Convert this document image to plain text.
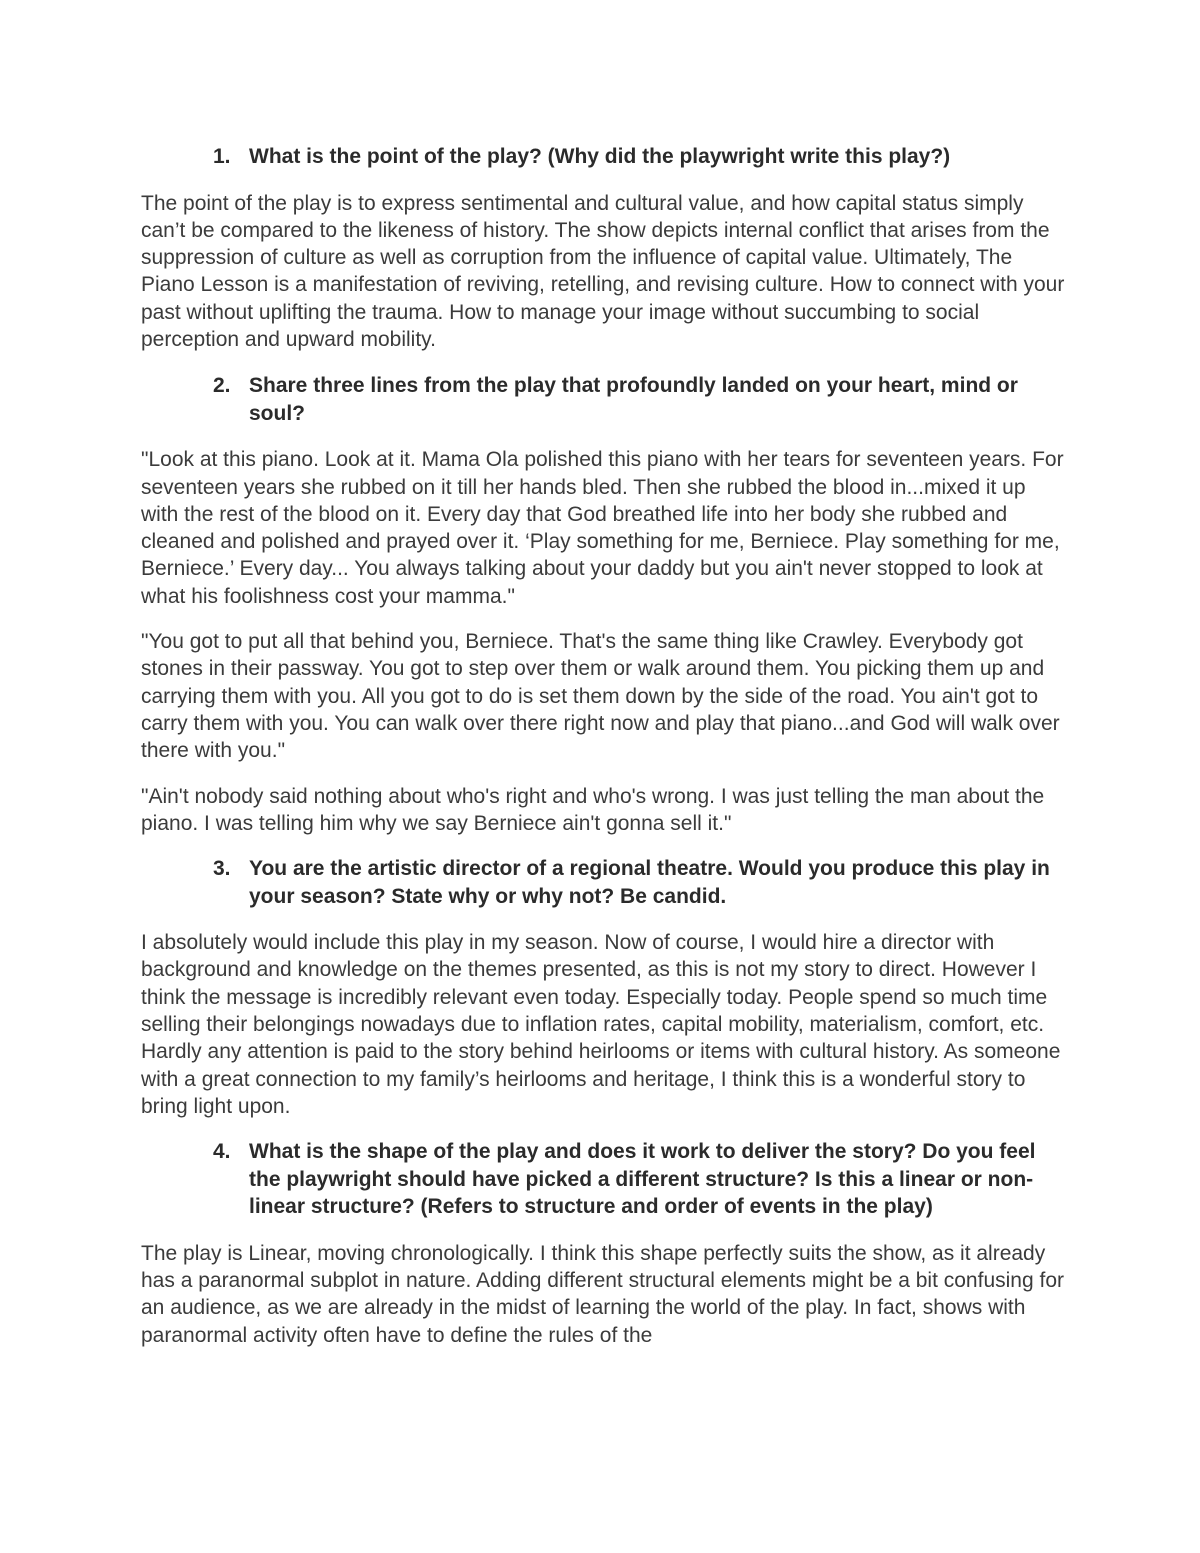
1. What is the point of the play? (Why did the playwright write this play?)

The point of the play is to express sentimental and cultural value, and how capital status simply can’t be compared to the likeness of history. The show depicts internal conflict that arises from the suppression of culture as well as corruption from the influence of capital value. Ultimately, The Piano Lesson is a manifestation of reviving, retelling, and revising culture. How to connect with your past without uplifting the trauma. How to manage your image without succumbing to social perception and upward mobility.

2. Share three lines from the play that profoundly landed on your heart, mind or soul?

"Look at this piano. Look at it. Mama Ola polished this piano with her tears for seventeen years. For seventeen years she rubbed on it till her hands bled. Then she rubbed the blood in...mixed it up with the rest of the blood on it. Every day that God breathed life into her body she rubbed and cleaned and polished and prayed over it. ‘Play something for me, Berniece. Play something for me, Berniece.’ Every day... You always talking about your daddy but you ain't never stopped to look at what his foolishness cost your mamma."

"You got to put all that behind you, Berniece. That's the same thing like Crawley. Everybody got stones in their passway. You got to step over them or walk around them. You picking them up and carrying them with you. All you got to do is set them down by the side of the road. You ain't got to carry them with you. You can walk over there right now and play that piano...and God will walk over there with you."

"Ain't nobody said nothing about who's right and who's wrong. I was just telling the man about the piano. I was telling him why we say Berniece ain't gonna sell it."

3. You are the artistic director of a regional theatre. Would you produce this play in your season? State why or why not? Be candid.

I absolutely would include this play in my season. Now of course, I would hire a director with background and knowledge on the themes presented, as this is not my story to direct. However I think the message is incredibly relevant even today. Especially today. People spend so much time selling their belongings nowadays due to inflation rates, capital mobility, materialism, comfort, etc. Hardly any attention is paid to the story behind heirlooms or items with cultural history. As someone with a great connection to my family’s heirlooms and heritage, I think this is a wonderful story to bring light upon.

4. What is the shape of the play and does it work to deliver the story? Do you feel the playwright should have picked a different structure? Is this a linear or non-linear structure? (Refers to structure and order of events in the play)

The play is Linear, moving chronologically. I think this shape perfectly suits the show, as it already has a paranormal subplot in nature. Adding different structural elements might be a bit confusing for an audience, as we are already in the midst of learning the world of the play. In fact, shows with paranormal activity often have to define the rules of the
